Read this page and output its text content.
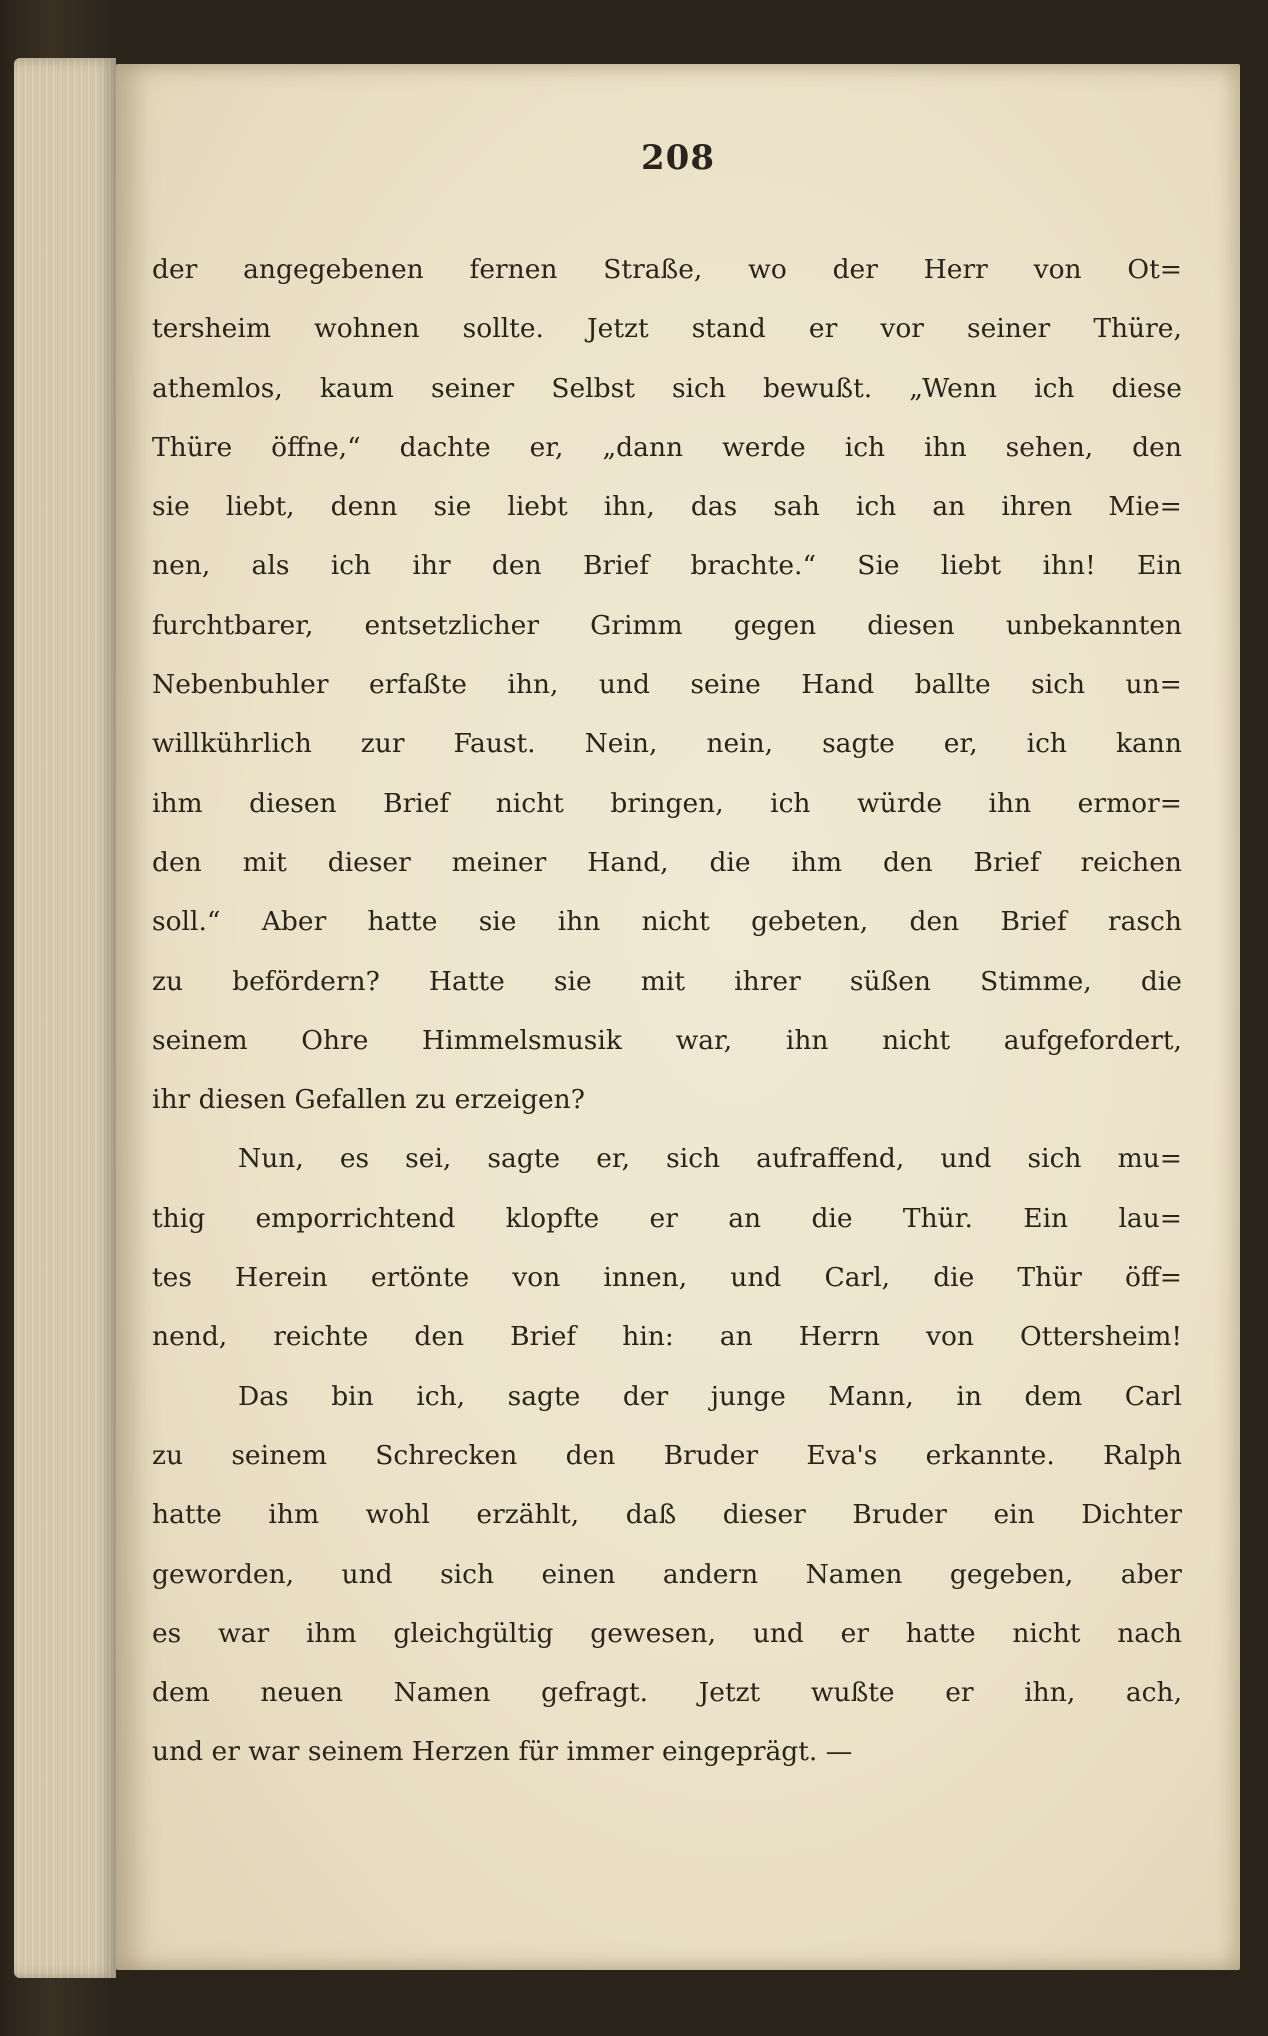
208
der angegebenen fernen Straße, wo der Herr von Ot=
tersheim wohnen sollte. Jetzt stand er vor seiner Thüre,
athemlos, kaum seiner Selbst sich bewußt. „Wenn ich diese
Thüre öffne,“ dachte er, „dann werde ich ihn sehen, den
sie liebt, denn sie liebt ihn, das sah ich an ihren Mie=
nen, als ich ihr den Brief brachte.“ Sie liebt ihn! Ein
furchtbarer, entsetzlicher Grimm gegen diesen unbekannten
Nebenbuhler erfaßte ihn, und seine Hand ballte sich un=
willkührlich zur Faust. Nein, nein, sagte er, ich kann
ihm diesen Brief nicht bringen, ich würde ihn ermor=
den mit dieser meiner Hand, die ihm den Brief reichen
soll.“ Aber hatte sie ihn nicht gebeten, den Brief rasch
zu befördern? Hatte sie mit ihrer süßen Stimme, die
seinem Ohre Himmelsmusik war, ihn nicht aufgefordert,
ihr diesen Gefallen zu erzeigen?
Nun, es sei, sagte er, sich aufraffend, und sich mu=
thig emporrichtend klopfte er an die Thür. Ein lau=
tes Herein ertönte von innen, und Carl, die Thür öff=
nend, reichte den Brief hin: an Herrn von Ottersheim!
Das bin ich, sagte der junge Mann, in dem Carl
zu seinem Schrecken den Bruder Eva's erkannte. Ralph
hatte ihm wohl erzählt, daß dieser Bruder ein Dichter
geworden, und sich einen andern Namen gegeben, aber
es war ihm gleichgültig gewesen, und er hatte nicht nach
dem neuen Namen gefragt. Jetzt wußte er ihn, ach,
und er war seinem Herzen für immer eingeprägt. —
